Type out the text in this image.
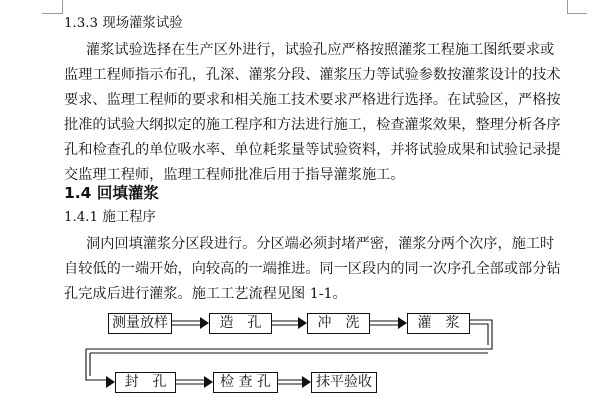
1.3.3 现场灌浆试验
灌浆试验选择在生产区外进行，试验孔应严格按照灌浆工程施工图纸要求或
监理工程师指示布孔，孔深、灌浆分段、灌浆压力等试验参数按灌浆设计的技术
要求、监理工程师的要求和相关施工技术要求严格进行选择。在试验区，严格按
批准的试验大纲拟定的施工程序和方法进行施工，检查灌浆效果，整理分析各序
孔和检查孔的单位吸水率、单位耗浆量等试验资料，并将试验成果和试验记录提
交监理工程师，监理工程师批准后用于指导灌浆施工。
1.4 回填灌浆
1.4.1 施工程序
洞内回填灌浆分区段进行。分区端必须封堵严密，灌浆分两个次序，施工时
自较低的一端开始，向较高的一端推进。同一区段内的同一次序孔全部或部分钻
孔完成后进行灌浆。施工工艺流程见图 1-1。
测量放样	造　孔	冲　洗	灌　浆
封　孔	检 查 孔	抹平验收
